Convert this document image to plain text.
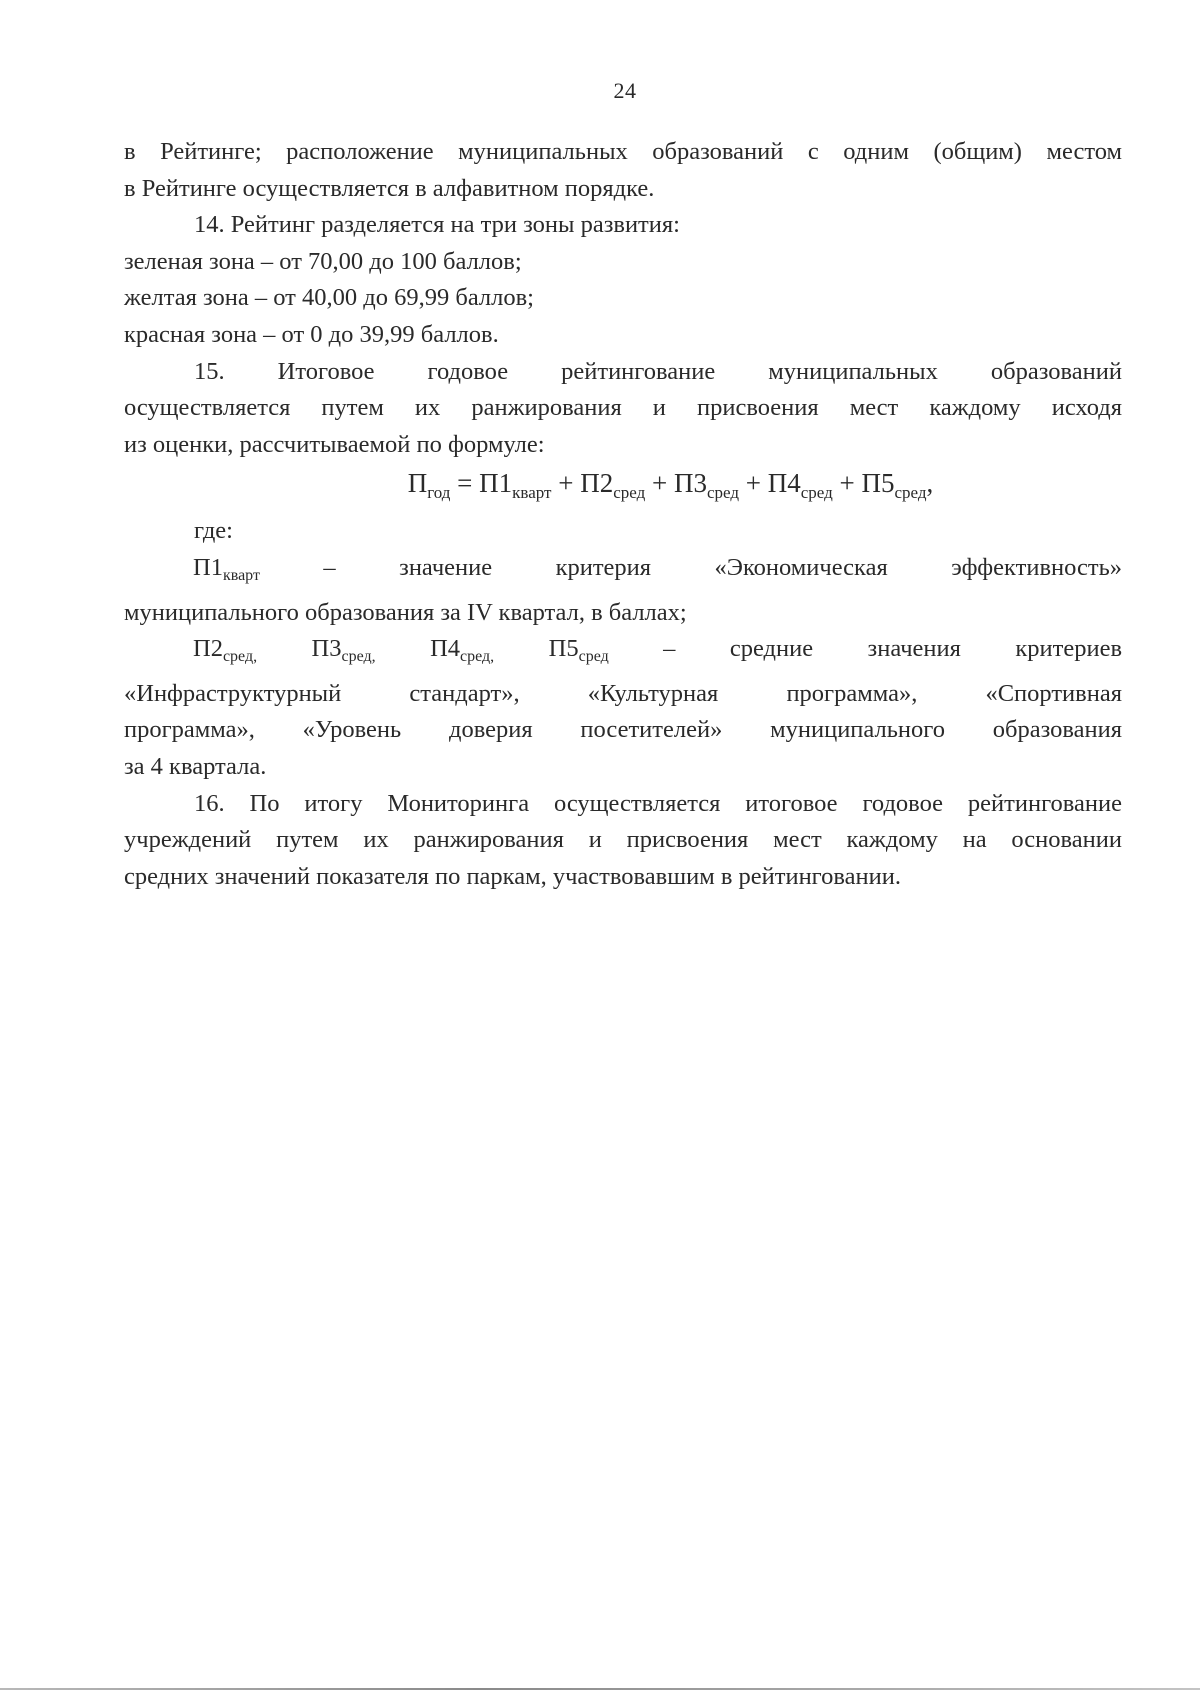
24

в Рейтинге; расположение муниципальных образований с одним (общим) местом

в Рейтинге осуществляется в алфавитном порядке.

14. Рейтинг разделяется на три зоны развития:

зеленая зона – от 70,00 до 100 баллов;

желтая зона – от 40,00 до 69,99 баллов;

красная зона – от 0 до 39,99 баллов.

15. Итоговое годовое рейтингование муниципальных образований

осуществляется путем их ранжирования и присвоения мест каждому исходя

из оценки, рассчитываемой по формуле:

$П_{год} = П1_{кварт} + П2_{сред} + П3_{сред} + П4_{сред} + П5_{сред}$,

где:

$П1_{кварт}$ – значение критерия «Экономическая эффективность»

муниципального образования за IV квартал, в баллах;

$П2_{сред,}$ $П3_{сред,}$ $П4_{сред,}$ $П5_{сред}$ – средние значения критериев

«Инфраструктурный стандарт», «Культурная программа», «Спортивная

программа», «Уровень доверия посетителей» муниципального образования

за 4 квартала.

16. По итогу Мониторинга осуществляется итоговое годовое рейтингование

учреждений путем их ранжирования и присвоения мест каждому на основании

средних значений показателя по паркам, участвовавшим в рейтинговании.
